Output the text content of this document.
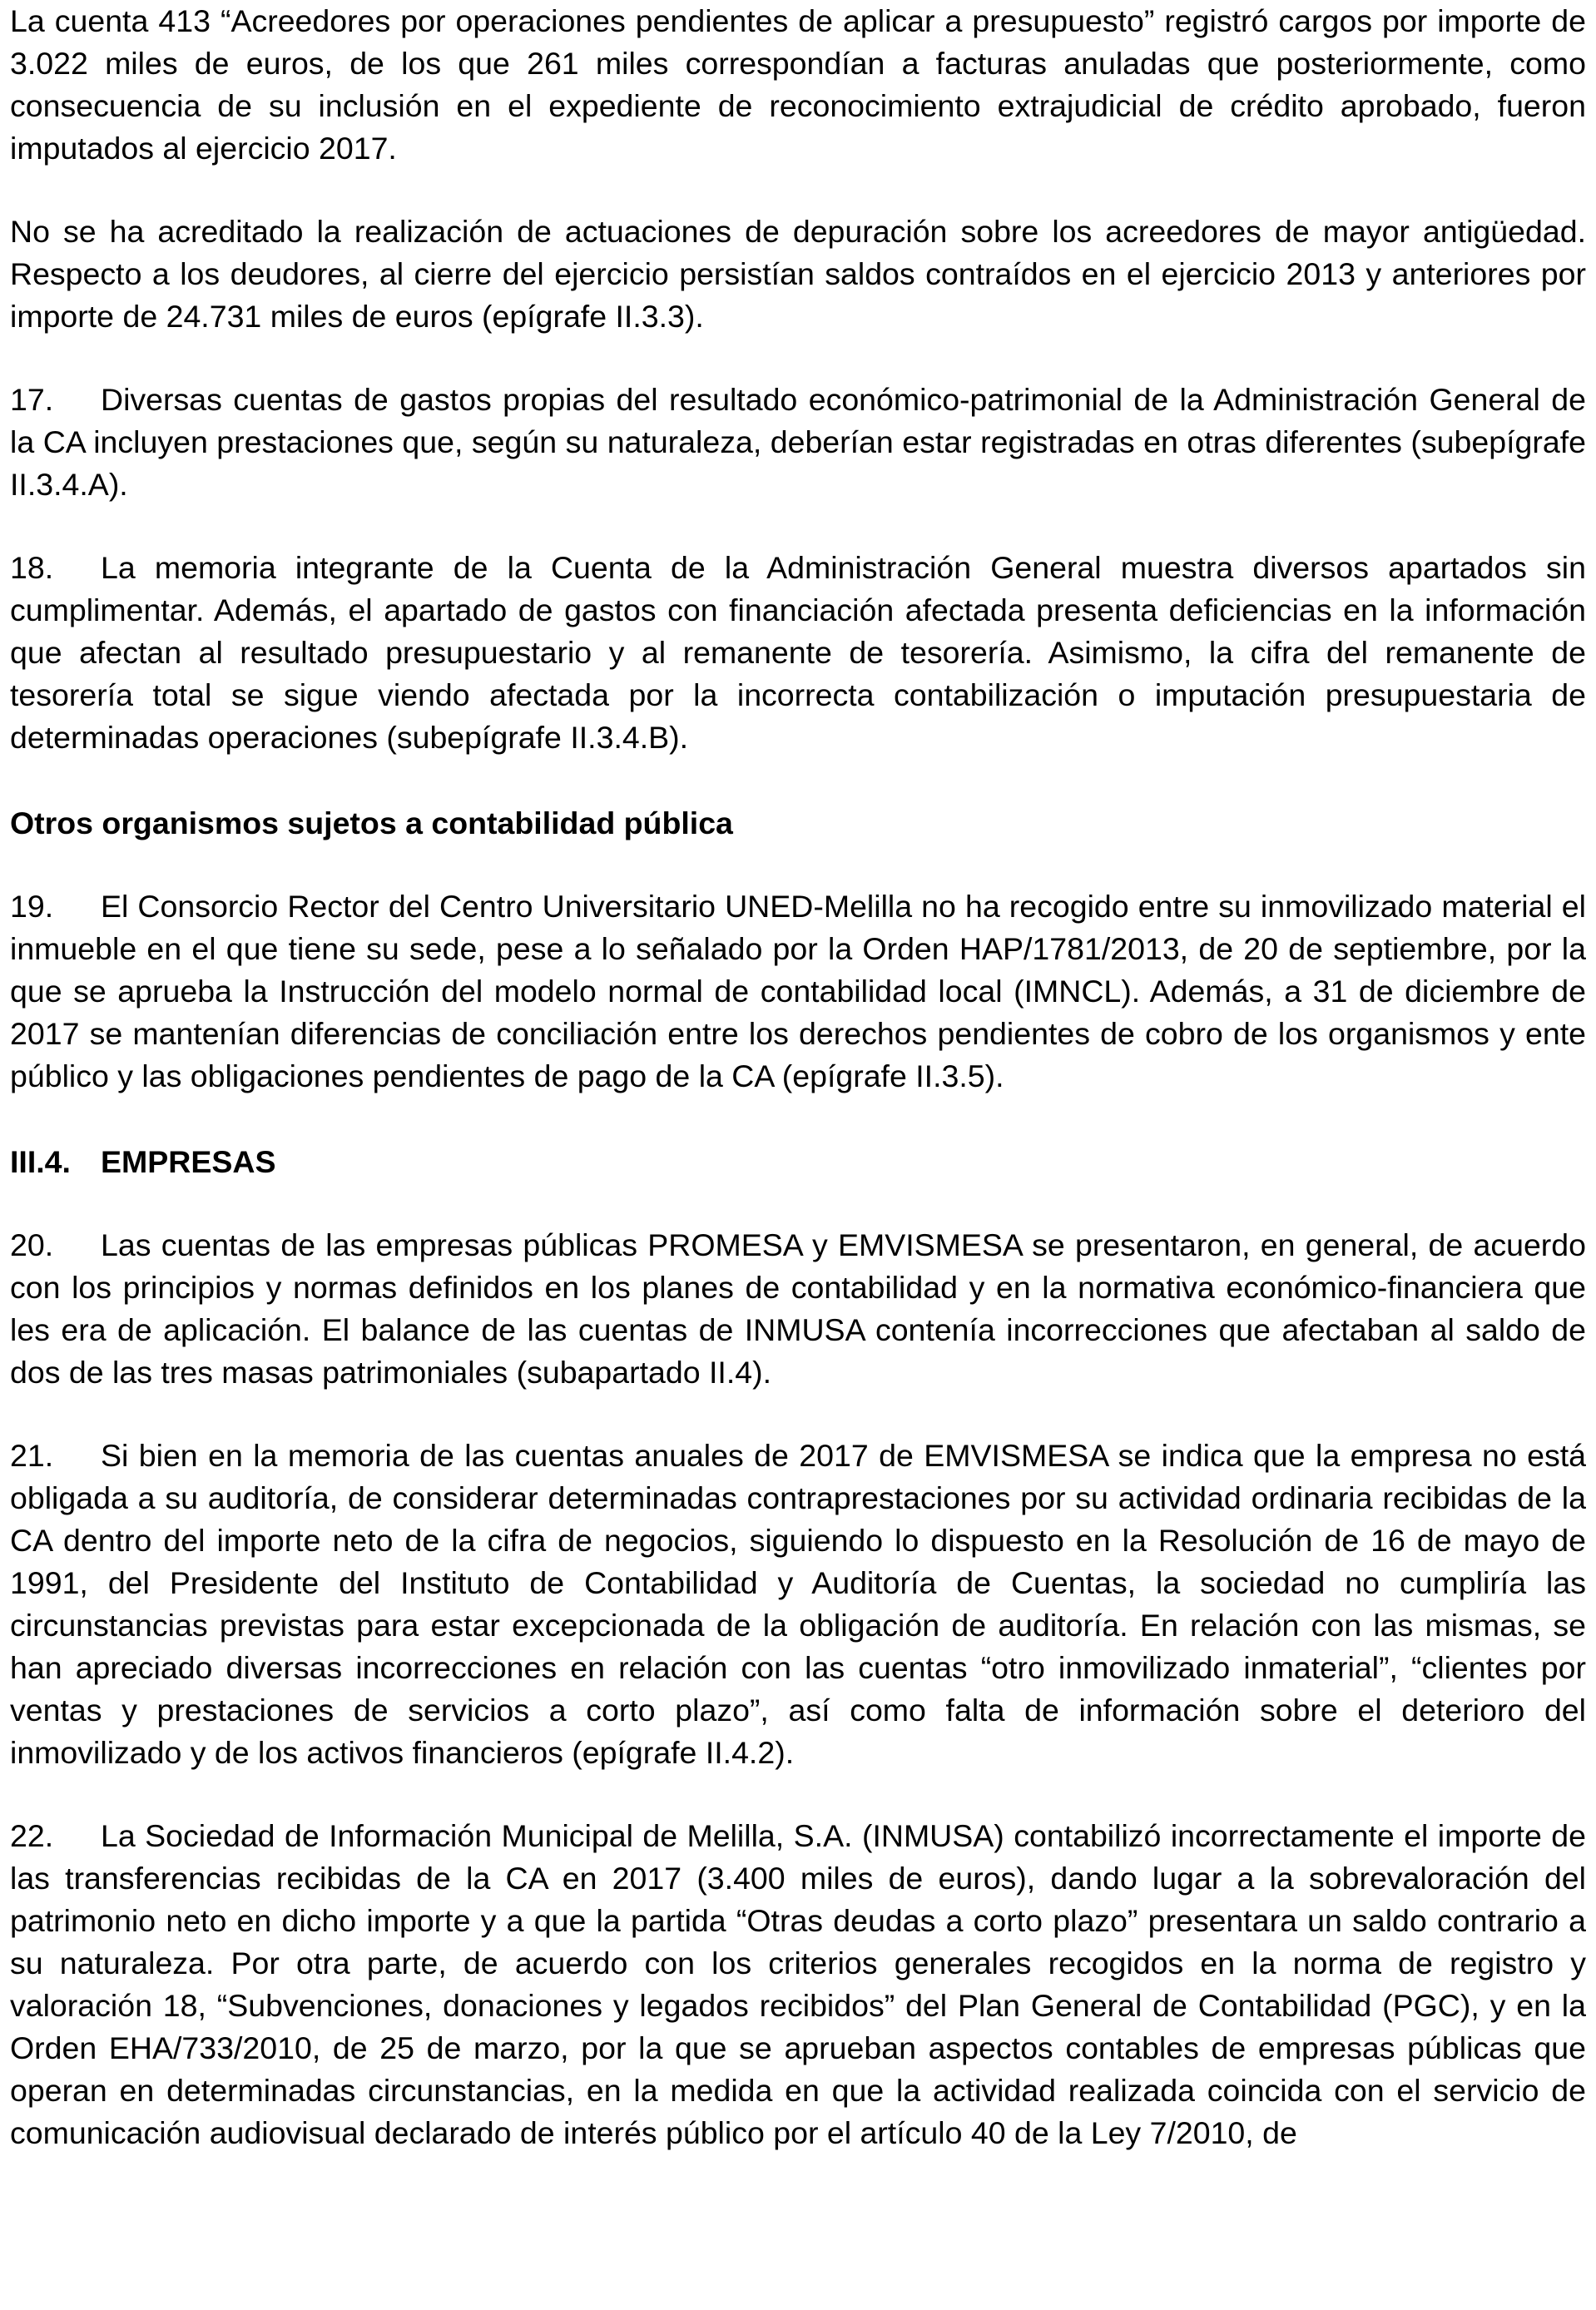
La cuenta 413 “Acreedores por operaciones pendientes de aplicar a presupuesto” registró cargos por importe de 3.022 miles de euros, de los que 261 miles correspondían a facturas anuladas que posteriormente, como consecuencia de su inclusión en el expediente de reconocimiento extrajudicial de crédito aprobado, fueron imputados al ejercicio 2017.

No se ha acreditado la realización de actuaciones de depuración sobre los acreedores de mayor antigüedad. Respecto a los deudores, al cierre del ejercicio persistían saldos contraídos en el ejercicio 2013 y anteriores por importe de 24.731 miles de euros (epígrafe II.3.3).

17. Diversas cuentas de gastos propias del resultado económico-patrimonial de la Administración General de la CA incluyen prestaciones que, según su naturaleza, deberían estar registradas en otras diferentes (subepígrafe II.3.4.A).

18. La memoria integrante de la Cuenta de la Administración General muestra diversos apartados sin cumplimentar. Además, el apartado de gastos con financiación afectada presenta deficiencias en la información que afectan al resultado presupuestario y al remanente de tesorería. Asimismo, la cifra del remanente de tesorería total se sigue viendo afectada por la incorrecta contabilización o imputación presupuestaria de determinadas operaciones (subepígrafe II.3.4.B).

Otros organismos sujetos a contabilidad pública

19. El Consorcio Rector del Centro Universitario UNED-Melilla no ha recogido entre su inmovilizado material el inmueble en el que tiene su sede, pese a lo señalado por la Orden HAP/1781/2013, de 20 de septiembre, por la que se aprueba la Instrucción del modelo normal de contabilidad local (IMNCL). Además, a 31 de diciembre de 2017 se mantenían diferencias de conciliación entre los derechos pendientes de cobro de los organismos y ente público y las obligaciones pendientes de pago de la CA (epígrafe II.3.5).

III.4. EMPRESAS

20. Las cuentas de las empresas públicas PROMESA y EMVISMESA se presentaron, en general, de acuerdo con los principios y normas definidos en los planes de contabilidad y en la normativa económico-financiera que les era de aplicación. El balance de las cuentas de INMUSA contenía incorrecciones que afectaban al saldo de dos de las tres masas patrimoniales (subapartado II.4).

21. Si bien en la memoria de las cuentas anuales de 2017 de EMVISMESA se indica que la empresa no está obligada a su auditoría, de considerar determinadas contraprestaciones por su actividad ordinaria recibidas de la CA dentro del importe neto de la cifra de negocios, siguiendo lo dispuesto en la Resolución de 16 de mayo de 1991, del Presidente del Instituto de Contabilidad y Auditoría de Cuentas, la sociedad no cumpliría las circunstancias previstas para estar excepcionada de la obligación de auditoría. En relación con las mismas, se han apreciado diversas incorrecciones en relación con las cuentas “otro inmovilizado inmaterial”, “clientes por ventas y prestaciones de servicios a corto plazo”, así como falta de información sobre el deterioro del inmovilizado y de los activos financieros (epígrafe II.4.2).

22. La Sociedad de Información Municipal de Melilla, S.A. (INMUSA) contabilizó incorrectamente el importe de las transferencias recibidas de la CA en 2017 (3.400 miles de euros), dando lugar a la sobrevaloración del patrimonio neto en dicho importe y a que la partida “Otras deudas a corto plazo” presentara un saldo contrario a su naturaleza. Por otra parte, de acuerdo con los criterios generales recogidos en la norma de registro y valoración 18, “Subvenciones, donaciones y legados recibidos” del Plan General de Contabilidad (PGC), y en la Orden EHA/733/2010, de 25 de marzo, por la que se aprueban aspectos contables de empresas públicas que operan en determinadas circunstancias, en la medida en que la actividad realizada coincida con el servicio de comunicación audiovisual declarado de interés público por el artículo 40 de la Ley 7/2010, de
